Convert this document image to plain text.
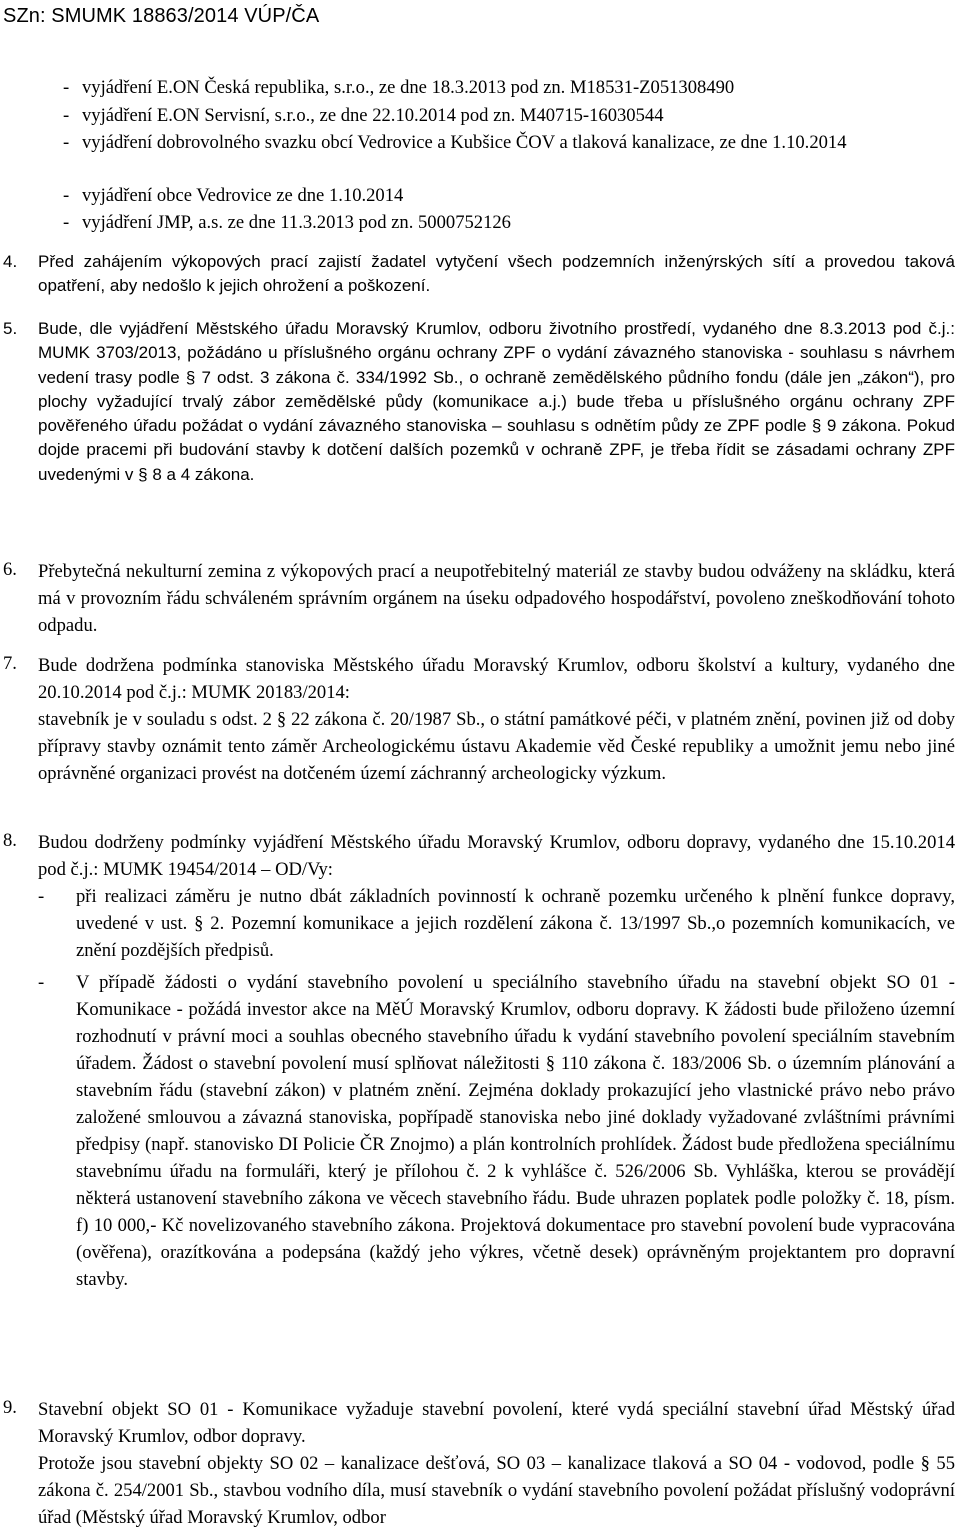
SZn: SMUMK 18863/2014 VÚP/ČA
- vyjádření E.ON Česká republika, s.r.o., ze dne 18.3.2013 pod zn. M18531-Z051308490
- vyjádření E.ON Servisní, s.r.o., ze dne 22.10.2014 pod zn. M40715-16030544
- vyjádření dobrovolného svazku obcí Vedrovice a Kubšice ČOV a tlaková kanalizace, ze dne 1.10.2014
- vyjádření obce Vedrovice ze dne 1.10.2014
- vyjádření JMP, a.s. ze dne 11.3.2013 pod zn. 5000752126
4. Před zahájením výkopových prací zajistí žadatel vytyčení všech podzemních inženýrských sítí a provedou taková opatření, aby nedošlo k jejich ohrožení a poškození.

5. Bude, dle vyjádření Městského úřadu Moravský Krumlov, odboru životního prostředí, vydaného dne 8.3.2013 pod č.j.: MUMK 3703/2013, požádáno u příslušného orgánu ochrany ZPF o vydání závazného stanoviska - souhlasu s návrhem vedení trasy podle § 7 odst. 3 zákona č. 334/1992 Sb., o ochraně zemědělského půdního fondu (dále jen „zákon“), pro plochy vyžadující trvalý zábor zemědělské půdy (komunikace a.j.) bude třeba u příslušného orgánu ochrany ZPF pověřeného úřadu požádat o vydání závazného stanoviska – souhlasu s odnětím půdy ze ZPF podle § 9 zákona. Pokud dojde pracemi při budování stavby k dotčení dalších pozemků v ochraně ZPF, je třeba řídit se zásadami ochrany ZPF uvedenými v § 8 a 4 zákona.

6. Přebytečná nekulturní zemina z výkopových prací a neupotřebitelný materiál ze stavby budou odváženy na skládku, která má v provozním řádu schváleném správním orgánem na úseku odpadového hospodářství, povoleno zneškodňování tohoto odpadu.

7. Bude dodržena podmínka stanoviska Městského úřadu Moravský Krumlov, odboru školství a kultury, vydaného dne 20.10.2014 pod č.j.: MUMK 20183/2014:

stavebník je v souladu s odst. 2 § 22 zákona č. 20/1987 Sb., o státní památkové péči, v platném znění, povinen již od doby přípravy stavby oznámit tento záměr Archeologickému ústavu Akademie věd České republiky a umožnit jemu nebo jiné oprávněné organizaci provést na dotčeném území záchranný archeologicky výzkum.

8. Budou dodrženy podmínky vyjádření Městského úřadu Moravský Krumlov, odboru dopravy, vydaného dne 15.10.2014 pod č.j.: MUMK 19454/2014 – OD/Vy:

-	při realizaci záměru je nutno dbát základních povinností k ochraně pozemku určeného k plnění funkce dopravy, uvedené v ust. § 2. Pozemní komunikace a jejich rozdělení zákona č. 13/1997 Sb.,o pozemních komunikacích, ve znění pozdějších předpisů.
-	V případě žádosti o vydání stavebního povolení u speciálního stavebního úřadu na stavební objekt SO 01 - Komunikace - požádá investor akce na MěÚ Moravský Krumlov, odboru dopravy. K žádosti bude přiloženo územní rozhodnutí v právní moci a souhlas obecného stavebního úřadu k vydání stavebního povolení speciálním stavebním úřadem. Žádost o stavební povolení musí splňovat náležitosti § 110 zákona č. 183/2006 Sb. o územním plánování a stavebním řádu (stavební zákon) v platném znění. Zejména doklady prokazující jeho vlastnické právo nebo právo založené smlouvou a závazná stanoviska, popřípadě stanoviska nebo jiné doklady vyžadované zvláštními právními předpisy (např. stanovisko DI Policie ČR Znojmo) a plán kontrolních prohlídek. Žádost bude předložena speciálnímu stavebnímu úřadu na formuláři, který je přílohou č. 2 k vyhlášce č. 526/2006 Sb. Vyhláška, kterou se provádějí některá ustanovení stavebního zákona ve věcech stavebního řádu. Bude uhrazen poplatek podle položky č. 18, písm. f) 10 000,- Kč novelizovaného stavebního zákona. Projektová dokumentace pro stavební povolení bude vypracována (ověřena), orazítkována a podepsána (každý jeho výkres, včetně desek) oprávněným projektantem pro dopravní stavby.
9. Stavební objekt SO 01 - Komunikace vyžaduje stavební povolení, které vydá speciální stavební úřad Městský úřad Moravský Krumlov, odbor dopravy.

Protože jsou stavební objekty SO 02 – kanalizace dešťová, SO 03 – kanalizace tlaková a SO 04 - vodovod, podle § 55 zákona č. 254/2001 Sb., stavbou vodního díla, musí stavebník o vydání stavebního povolení požádat příslušný vodoprávní úřad (Městský úřad Moravský Krumlov, odbor
